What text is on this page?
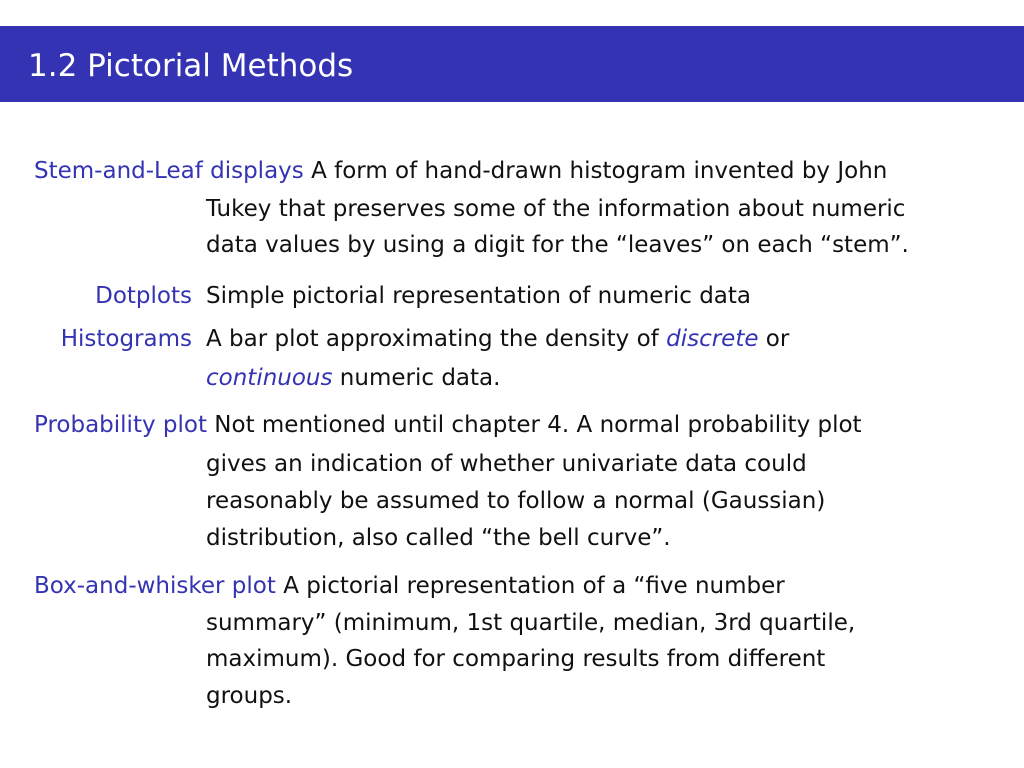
1.2 Pictorial Methods
Stem-and-Leaf displays A form of hand-drawn histogram invented by John
Tukey that preserves some of the information about numeric
data values by using a digit for the “leaves” on each “stem”.
Dotplots Simple pictorial representation of numeric data
Histograms A bar plot approximating the density of discrete or
continuous numeric data.
Probability plot Not mentioned until chapter 4. A normal probability plot
gives an indication of whether univariate data could
reasonably be assumed to follow a normal (Gaussian)
distribution, also called “the bell curve”.
Box-and-whisker plot A pictorial representation of a “five number
summary” (minimum, 1st quartile, median, 3rd quartile,
maximum). Good for comparing results from different
groups.
